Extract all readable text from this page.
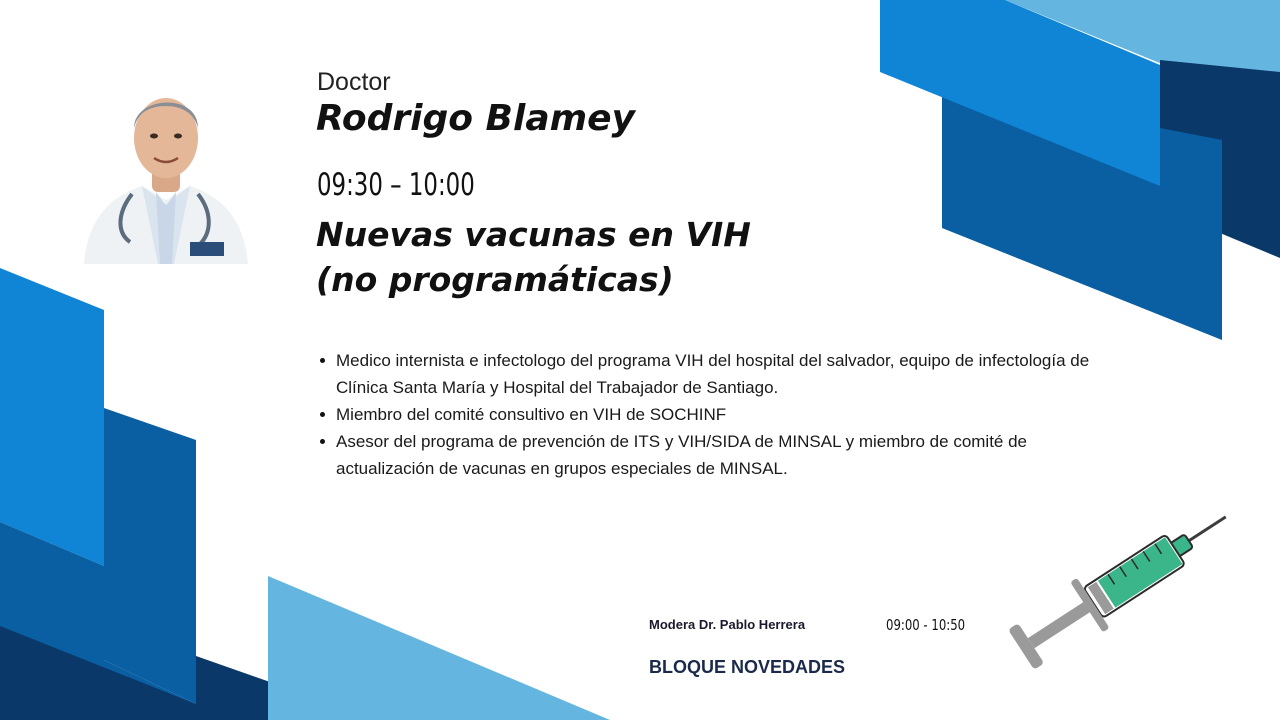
Doctor
Rodrigo Blamey
09:30 – 10:00
Nuevas vacunas en VIH
(no programáticas)
Medico internista e infectologo del programa VIH del hospital del salvador, equipo de infectología de Clínica Santa María y Hospital del Trabajador de Santiago.
Miembro del comité consultivo en VIH de SOCHINF
Asesor del programa de prevención de ITS y VIH/SIDA de MINSAL y miembro de comité de actualización de vacunas en grupos especiales de MINSAL.
Modera Dr. Pablo Herrera	09:00 - 10:50
BLOQUE NOVEDADES
